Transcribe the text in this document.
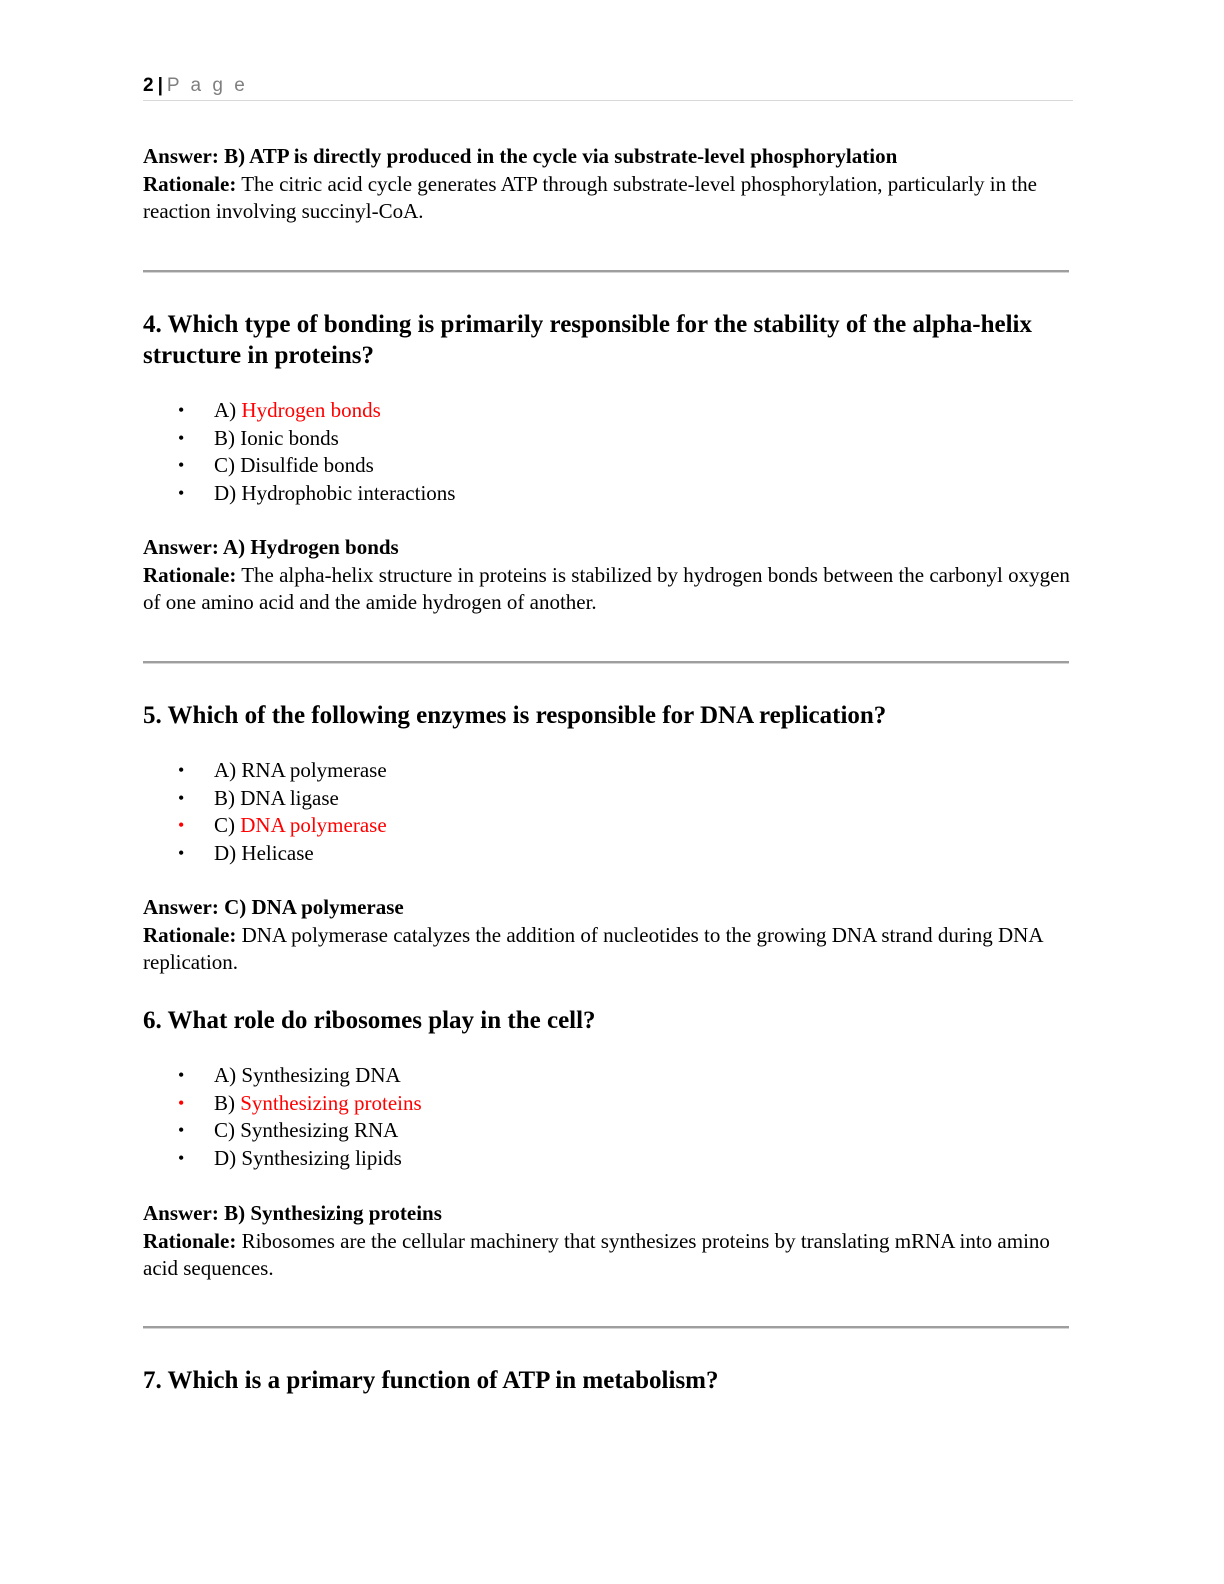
2 | P a g e
Answer: B) ATP is directly produced in the cycle via substrate-level phosphorylation
Rationale: The citric acid cycle generates ATP through substrate-level phosphorylation, particularly in the reaction involving succinyl-CoA.
4. Which type of bonding is primarily responsible for the stability of the alpha-helix structure in proteins?
• A) Hydrogen bonds
• B) Ionic bonds
• C) Disulfide bonds
• D) Hydrophobic interactions
Answer: A) Hydrogen bonds
Rationale: The alpha-helix structure in proteins is stabilized by hydrogen bonds between the carbonyl oxygen of one amino acid and the amide hydrogen of another.
5. Which of the following enzymes is responsible for DNA replication?
• A) RNA polymerase
• B) DNA ligase
• C) DNA polymerase
• D) Helicase
Answer: C) DNA polymerase
Rationale: DNA polymerase catalyzes the addition of nucleotides to the growing DNA strand during DNA replication.
6. What role do ribosomes play in the cell?
• A) Synthesizing DNA
• B) Synthesizing proteins
• C) Synthesizing RNA
• D) Synthesizing lipids
Answer: B) Synthesizing proteins
Rationale: Ribosomes are the cellular machinery that synthesizes proteins by translating mRNA into amino acid sequences.
7. Which is a primary function of ATP in metabolism?
